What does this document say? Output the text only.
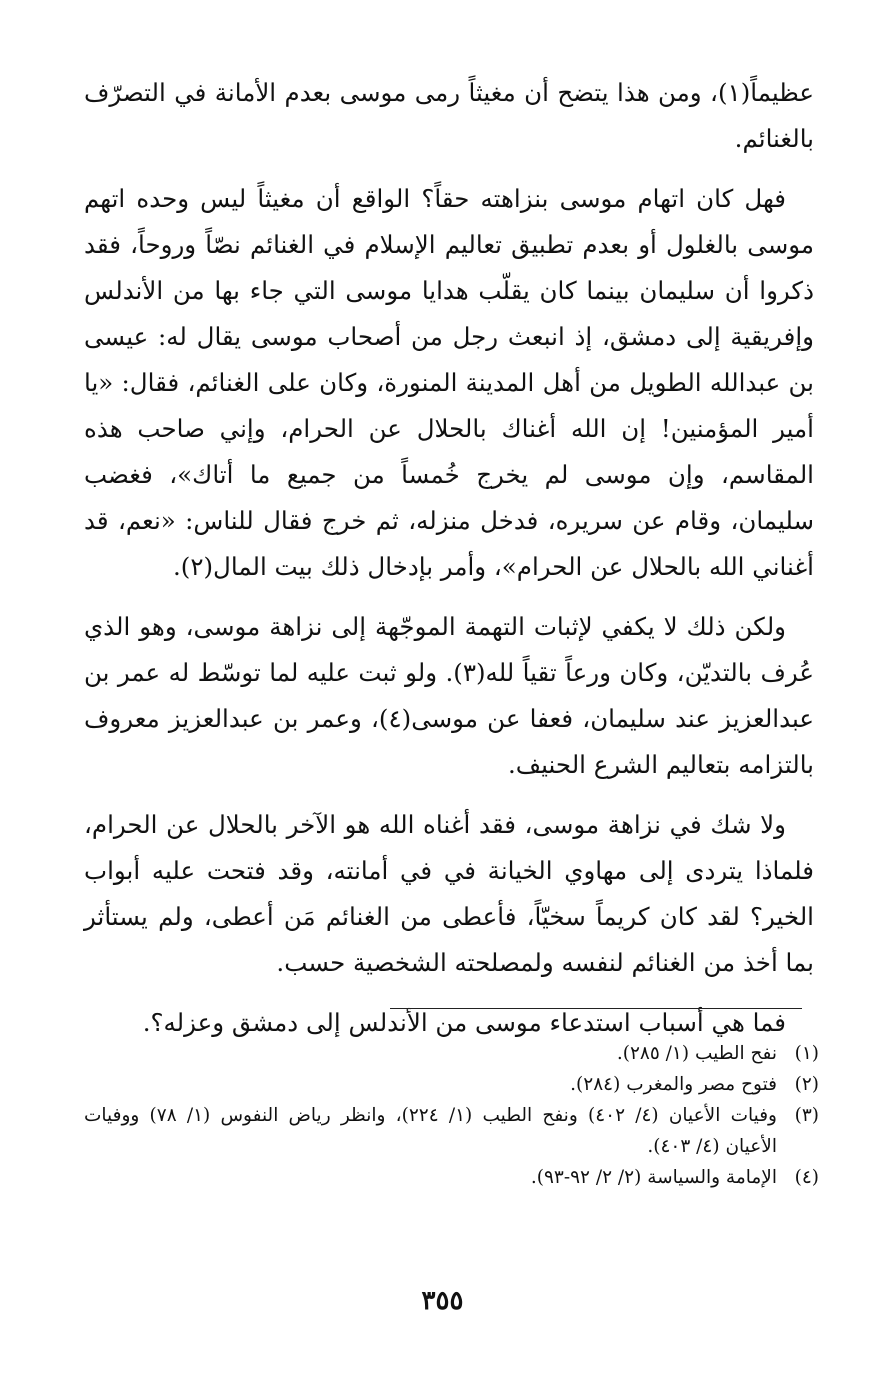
عظيماً(١)، ومن هذا يتضح أن مغيثاً رمى موسى بعدم الأمانة في التصرّف بالغنائم.

فهل كان اتهام موسى بنزاهته حقاً؟ الواقع أن مغيثاً ليس وحده اتهم موسى بالغلول أو بعدم تطبيق تعاليم الإسلام في الغنائم نصّاً وروحاً، فقد ذكروا أن سليمان بينما كان يقلّب هدايا موسى التي جاء بها من الأندلس وإفريقية إلى دمشق، إذ انبعث رجل من أصحاب موسى يقال له: عيسى بن عبدالله الطويل من أهل المدينة المنورة، وكان على الغنائم، فقال: «يا أمير المؤمنين! إن الله أغناك بالحلال عن الحرام، وإني صاحب هذه المقاسم، وإن موسى لم يخرج خُمساً من جميع ما أتاك»، فغضب سليمان، وقام عن سريره، فدخل منزله، ثم خرج فقال للناس: «نعم، قد أغناني الله بالحلال عن الحرام»، وأمر بإدخال ذلك بيت المال(٢).

ولكن ذلك لا يكفي لإثبات التهمة الموجّهة إلى نزاهة موسى، وهو الذي عُرف بالتديّن، وكان ورعاً تقياً لله(٣). ولو ثبت عليه لما توسّط له عمر بن عبدالعزيز عند سليمان، فعفا عن موسى(٤)، وعمر بن عبدالعزيز معروف بالتزامه بتعاليم الشرع الحنيف.

ولا شك في نزاهة موسى، فقد أغناه الله هو الآخر بالحلال عن الحرام، فلماذا يتردى إلى مهاوي الخيانة في في أمانته، وقد فتحت عليه أبواب الخير؟ لقد كان كريماً سخيّاً، فأعطى من الغنائم مَن أعطى، ولم يستأثر بما أخذ من الغنائم لنفسه ولمصلحته الشخصية حسب.

فما هي أسباب استدعاء موسى من الأندلس إلى دمشق وعزله؟.

(١)
نفح الطيب (١/ ٢٨٥).
(٢)
فتوح مصر والمغرب (٢٨٤).
(٣)
وفيات الأعيان (٤/ ٤٠٢) ونفح الطيب (١/ ٢٢٤)، وانظر رياض النفوس (١/ ٧٨) ووفيات الأعيان (٤/ ٤٠٣).
(٤)
الإمامة والسياسة (٢/ ٢/ ٩٢-٩٣).
٣٥٥
